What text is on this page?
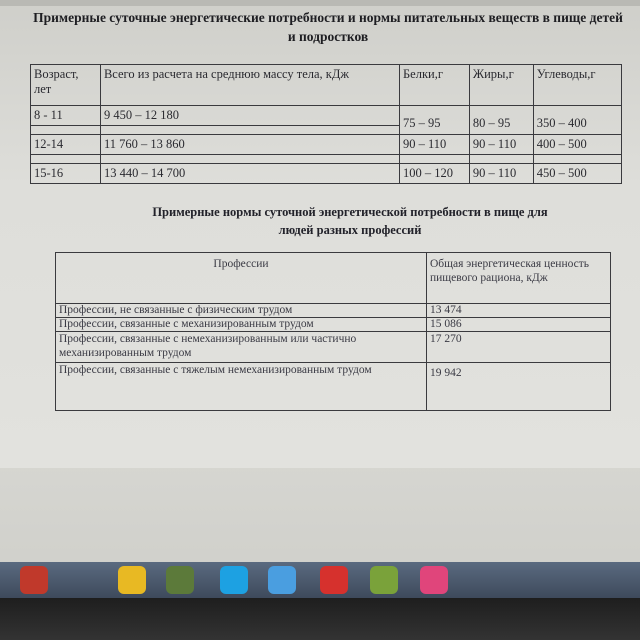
Примерные суточные энергетические потребности и нормы питательных веществ в пище детей и подростков
Возраст, лет	Всего из расчета на среднюю массу тела, кДж	Белки,г	Жиры,г	Углеводы,г
8 - 11	9 450 – 12 180	75 – 95	80 – 95	350 – 400

12-14	11 760 – 13 860	90 – 110	90 – 110	400 – 500

15-16	13 440 – 14 700	100 – 120	90 – 110	450 – 500
Примерные нормы суточной энергетической потребности в пище для людей разных профессий
Профессии	Общая энергетическая ценность пищевого рациона, кДж
Профессии, не связанные с физическим трудом	13 474
Профессии, связанные с механизированным трудом	15 086
Профессии, связанные с немеханизированным или частично механизированным трудом	17 270
Профессии, связанные с тяжелым немеханизированным трудом	19 942
